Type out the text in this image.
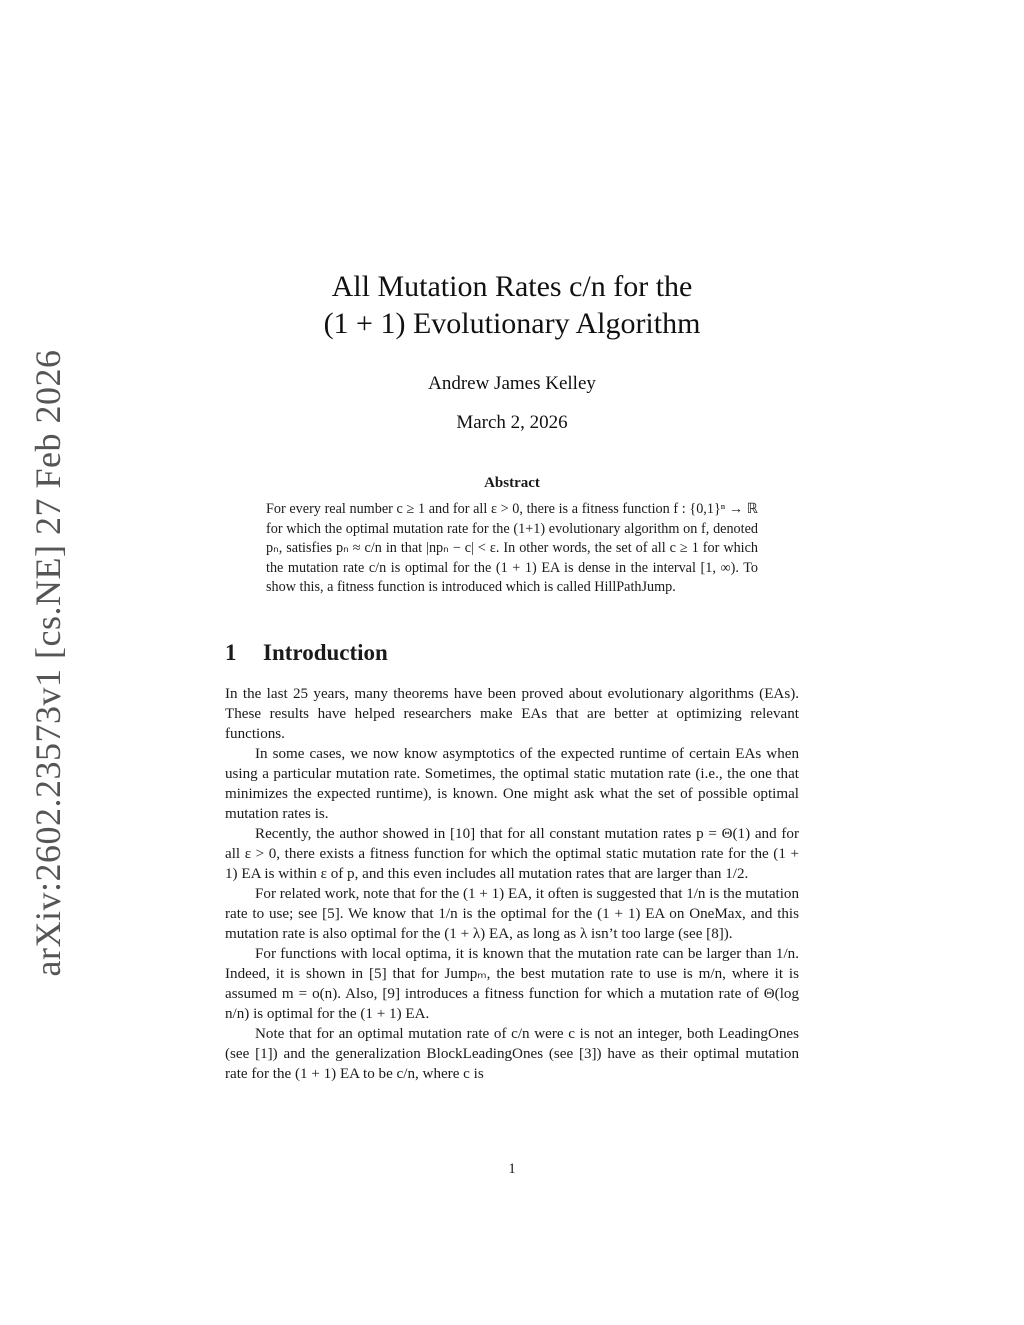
arXiv:2602.23573v1 [cs.NE] 27 Feb 2026
All Mutation Rates c/n for the
(1 + 1) Evolutionary Algorithm
Andrew James Kelley
March 2, 2026
Abstract
For every real number c ≥ 1 and for all ε > 0, there is a fitness function f : {0,1}ⁿ → ℝ for which the optimal mutation rate for the (1+1) evolutionary algorithm on f, denoted pₙ, satisfies pₙ ≈ c/n in that |npₙ − c| < ε. In other words, the set of all c ≥ 1 for which the mutation rate c/n is optimal for the (1 + 1) EA is dense in the interval [1, ∞). To show this, a fitness function is introduced which is called HillPathJump.
1 Introduction

In the last 25 years, many theorems have been proved about evolutionary algorithms (EAs). These results have helped researchers make EAs that are better at optimizing relevant functions.

In some cases, we now know asymptotics of the expected runtime of certain EAs when using a particular mutation rate. Sometimes, the optimal static mutation rate (i.e., the one that minimizes the expected runtime), is known. One might ask what the set of possible optimal mutation rates is.

Recently, the author showed in [10] that for all constant mutation rates p = Θ(1) and for all ε > 0, there exists a fitness function for which the optimal static mutation rate for the (1 + 1) EA is within ε of p, and this even includes all mutation rates that are larger than 1/2.

For related work, note that for the (1 + 1) EA, it often is suggested that 1/n is the mutation rate to use; see [5]. We know that 1/n is the optimal for the (1 + 1) EA on OneMax, and this mutation rate is also optimal for the (1 + λ) EA, as long as λ isn’t too large (see [8]).

For functions with local optima, it is known that the mutation rate can be larger than 1/n. Indeed, it is shown in [5] that for Jumpₘ, the best mutation rate to use is m/n, where it is assumed m = o(n). Also, [9] introduces a fitness function for which a mutation rate of Θ(log n/n) is optimal for the (1 + 1) EA.

Note that for an optimal mutation rate of c/n were c is not an integer, both LeadingOnes (see [1]) and the generalization BlockLeadingOnes (see [3]) have as their optimal mutation rate for the (1 + 1) EA to be c/n, where c is

1
